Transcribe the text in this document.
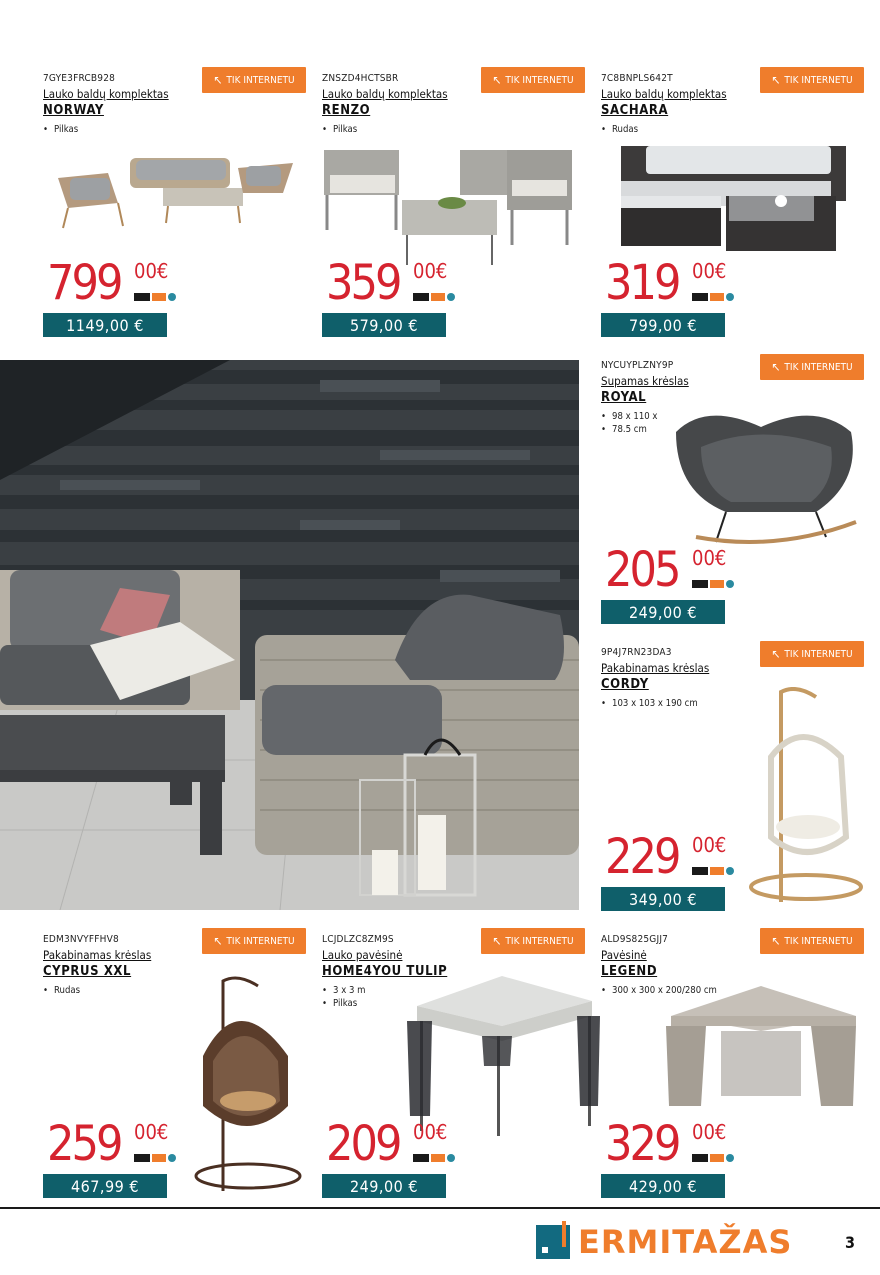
7GYE3FRCB928
Lauko baldų komplektas
NORWAY
• Pilkas
↖ TIK INTERNETU
799 00€
1149,00 €
ZNSZD4HCTSBR
Lauko baldų komplektas
RENZO
• Pilkas
↖ TIK INTERNETU
359 00€
579,00 €
7C8BNPLS642T
Lauko baldų komplektas
SACHARA
• Rudas
↖ TIK INTERNETU
319 00€
799,00 €
NYCUYPLZNY9P
Supamas krėslas
ROYAL
• 98 x 110 x
• 78.5 cm
↖ TIK INTERNETU
205 00€
249,00 €
9P4J7RN23DA3
Pakabinamas krėslas
CORDY
• 103 x 103 x 190 cm
↖ TIK INTERNETU
229 00€
349,00 €
EDM3NVYFFHV8
Pakabinamas krėslas
CYPRUS XXL
• Rudas
↖ TIK INTERNETU
259 00€
467,99 €
LCJDLZC8ZM9S
Lauko pavėsinė
HOME4YOU TULIP
• 3 x 3 m
• Pilkas
↖ TIK INTERNETU
209 00€
249,00 €
ALD9S825GJJ7
Pavėsinė
LEGEND
• 300 x 300 x 200/280 cm
↖ TIK INTERNETU
329 00€
429,00 €
ERMITAŽAS	3
